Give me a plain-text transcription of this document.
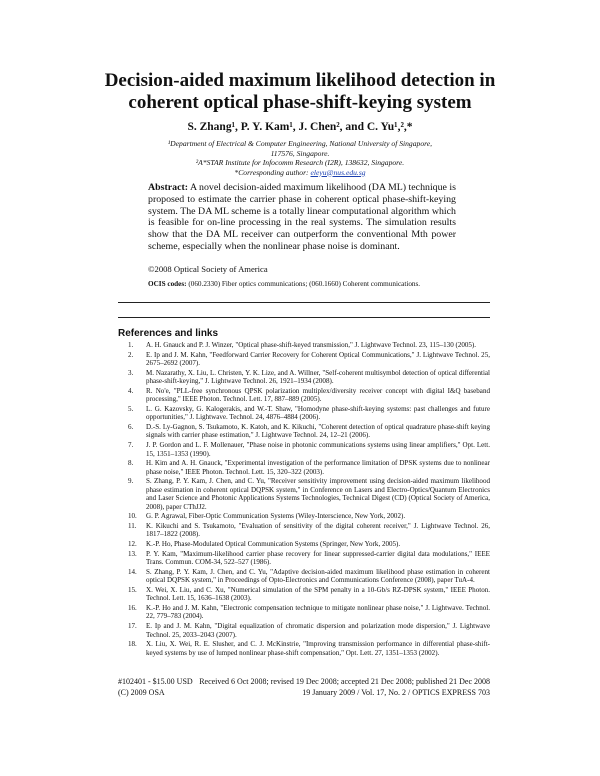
Decision-aided maximum likelihood detection in
coherent optical phase-shift-keying system
S. Zhang¹, P. Y. Kam¹, J. Chen², and C. Yu¹,²,*
¹Department of Electrical & Computer Engineering, National University of Singapore,
117576, Singapore.
²A*STAR Institute for Infocomm Research (I2R), 138632, Singapore.
*Corresponding author: eleyu@nus.edu.sg
Abstract: A novel decision-aided maximum likelihood (DA ML) technique is proposed to estimate the carrier phase in coherent optical phase-shift-keying system. The DA ML scheme is a totally linear computational algorithm which is feasible for on-line processing in the real systems. The simulation results show that the DA ML receiver can outperform the conventional Mth power scheme, especially when the nonlinear phase noise is dominant.
©2008 Optical Society of America
OCIS codes: (060.2330) Fiber optics communications; (060.1660) Coherent communications.
References and links
1. A. H. Gnauck and P. J. Winzer, "Optical phase-shift-keyed transmission," J. Lightwave Technol. 23, 115–130 (2005).
2. E. Ip and J. M. Kahn, "Feedforward Carrier Recovery for Coherent Optical Communications," J. Lightwave Technol. 25, 2675–2692 (2007).
3. M. Nazarathy, X. Liu, L. Christen, Y. K. Lize, and A. Willner, "Self-coherent multisymbol detection of optical differential phase-shift-keying," J. Lightwave Technol. 26, 1921–1934 (2008).
4. R. No'e, "PLL-free synchronous QPSK polarization multiplex/diversity receiver concept with digital I&Q baseband processing," IEEE Photon. Technol. Lett. 17, 887–889 (2005).
5. L. G. Kazovsky, G. Kalogerakis, and W.-T. Shaw, "Homodyne phase-shift-keying systems: past challenges and future opportunities," J. Lightwave. Technol. 24, 4876–4884 (2006).
6. D.-S. Ly-Gagnon, S. Tsukamoto, K. Katoh, and K. Kikuchi, "Coherent detection of optical quadrature phase-shift keying signals with carrier phase estimation," J. Lightwave Technol. 24, 12–21 (2006).
7. J. P. Gordon and L. F. Mollenauer, "Phase noise in photonic communications systems using linear amplifiers," Opt. Lett. 15, 1351–1353 (1990).
8. H. Kim and A. H. Gnauck, "Experimental investigation of the performance limitation of DPSK systems due to nonlinear phase noise," IEEE Photon. Technol. Lett. 15, 320–322 (2003).
9. S. Zhang, P. Y. Kam, J. Chen, and C. Yu, "Receiver sensitivity improvement using decision-aided maximum likelihood phase estimation in coherent optical DQPSK system," in Conference on Lasers and Electro-Optics/Quantum Electronics and Laser Science and Photonic Applications Systems Technologies, Technical Digest (CD) (Optical Society of America, 2008), paper CThJJ2.
10. G. P. Agrawal, Fiber-Optic Communication Systems (Wiley-Interscience, New York, 2002).
11. K. Kikuchi and S. Tsukamoto, "Evaluation of sensitivity of the digital coherent receiver," J. Lightwave Technol. 26, 1817–1822 (2008).
12. K.-P. Ho, Phase-Modulated Optical Communication Systems (Springer, New York, 2005).
13. P. Y. Kam, "Maximum-likelihood carrier phase recovery for linear suppressed-carrier digital data modulations," IEEE Trans. Commun. COM-34, 522–527 (1986).
14. S. Zhang, P. Y. Kam, J. Chen, and C. Yu, "Adaptive decision-aided maximum likelihood phase estimation in coherent optical DQPSK system," in Proceedings of Opto-Electronics and Communications Conference (2008), paper TuA-4.
15. X. Wei, X. Liu, and C. Xu, "Numerical simulation of the SPM penalty in a 10-Gb/s RZ-DPSK system," IEEE Photon. Technol. Lett. 15, 1636–1638 (2003).
16. K.-P. Ho and J. M. Kahn, "Electronic compensation technique to mitigate nonlinear phase noise," J. Lightwave. Technol. 22, 779–783 (2004).
17. E. Ip and J. M. Kahn, "Digital equalization of chromatic dispersion and polarization mode dispersion," J. Lightwave Technol. 25, 2033–2043 (2007).
18. X. Liu, X. Wei, R. E. Slusher, and C. J. McKinstrie, "Improving transmission performance in differential phase-shift-keyed systems by use of lumped nonlinear phase-shift compensation," Opt. Lett. 27, 1351–1353 (2002).
#102401 - $15.00 USD Received 6 Oct 2008; revised 19 Dec 2008; accepted 21 Dec 2008; published 21 Dec 2008
(C) 2009 OSA	19 January 2009 / Vol. 17, No. 2 / OPTICS EXPRESS 703
